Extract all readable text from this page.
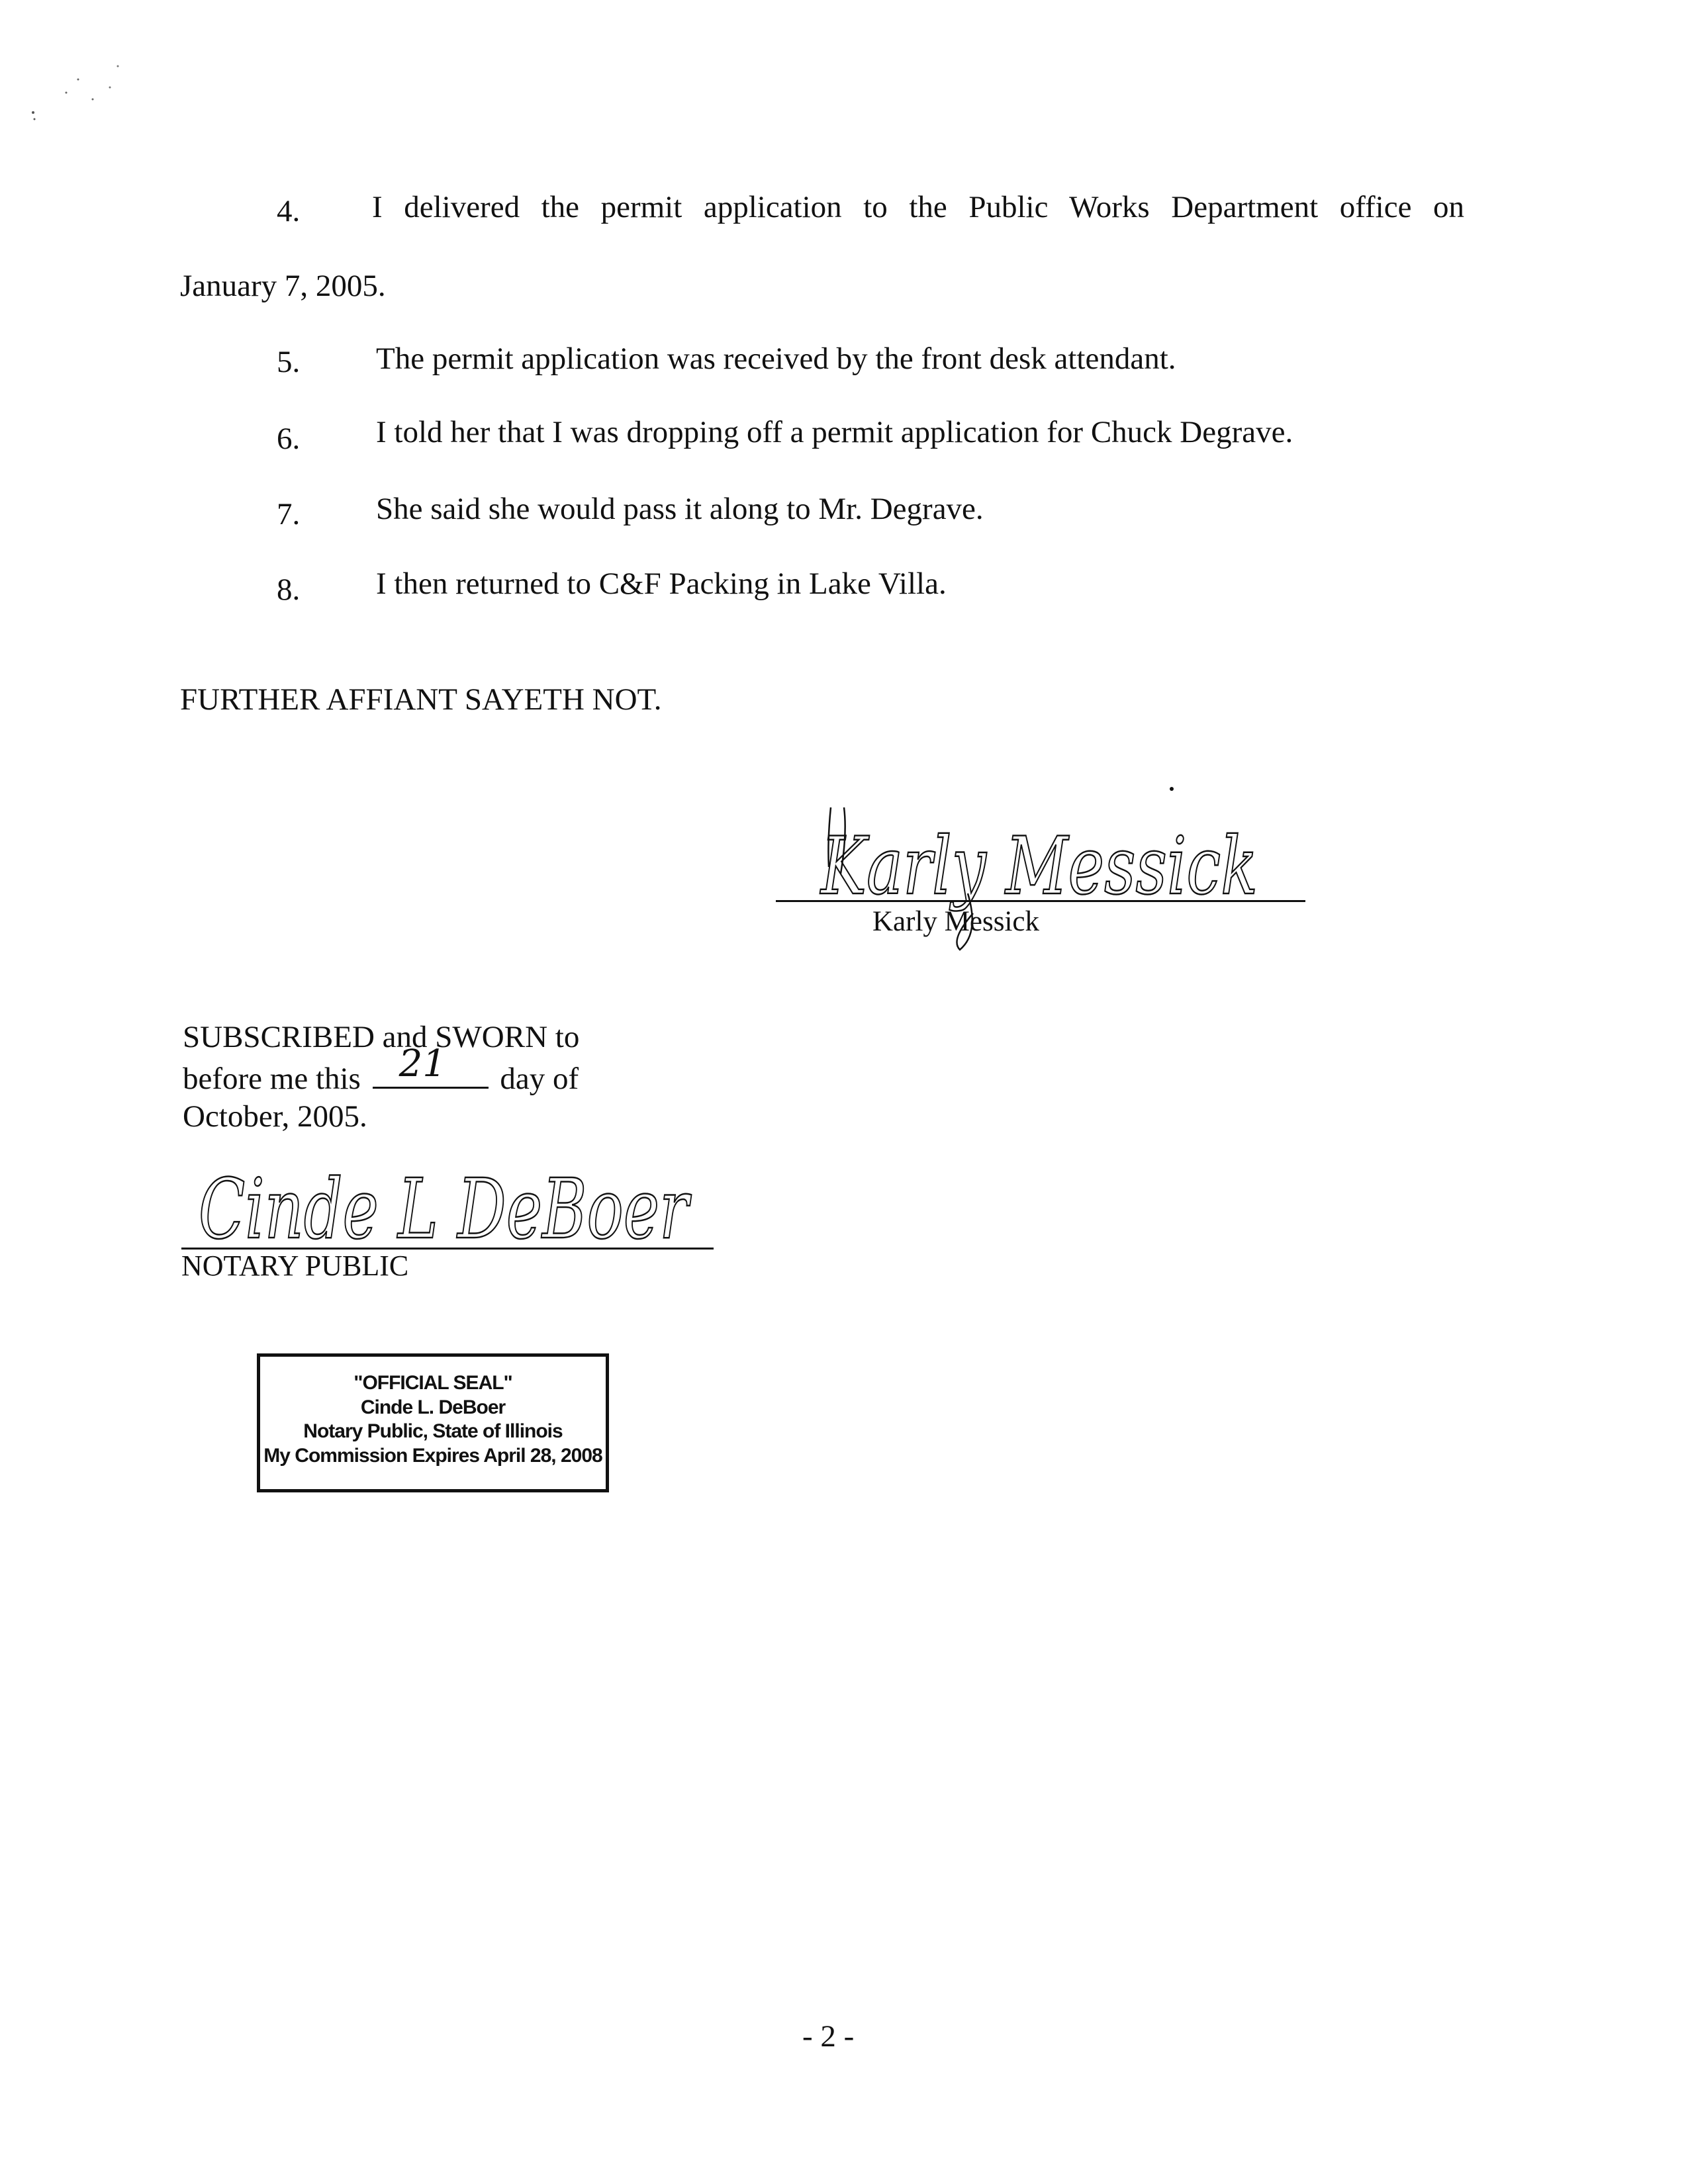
4. I delivered the permit application to the Public Works Department office on
January 7, 2005.
5. The permit application was received by the front desk attendant.
6. I told her that I was dropping off a permit application for Chuck Degrave.
7. She said she would pass it along to Mr. Degrave.
8. I then returned to C&F Packing in Lake Villa.
FURTHER AFFIANT SAYETH NOT.
Karly Messick
Karly Messick
SUBSCRIBED and SWORN to
before me this 21 day of
October, 2005.
Cinde L DeBoer
NOTARY PUBLIC
"OFFICIAL SEAL"
Cinde L. DeBoer
Notary Public, State of Illinois
My Commission Expires April 28, 2008
- 2 -
